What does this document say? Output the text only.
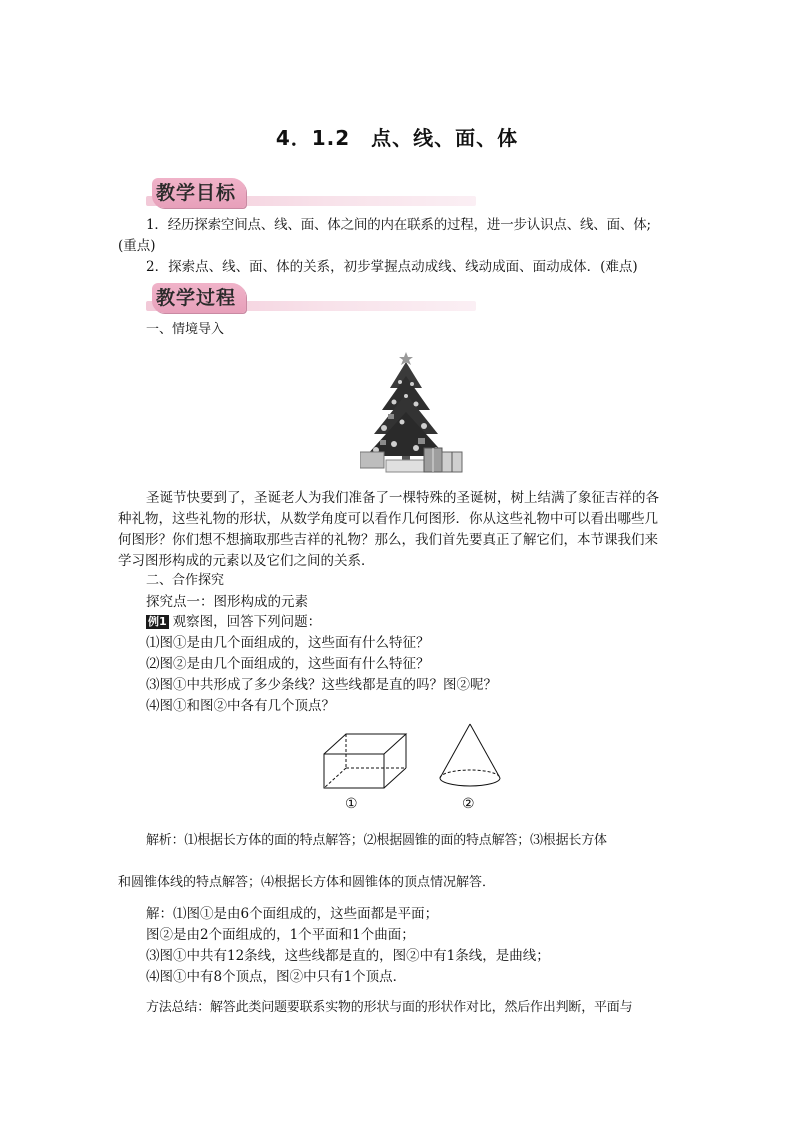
4．1.2　点、线、面、体
教学目标
1．经历探索空间点、线、面、体之间的内在联系的过程，进一步认识点、线、面、体;
(重点)
2．探索点、线、面、体的关系，初步掌握点动成线、线动成面、面动成体．(难点)
教学过程
一、情境导入
圣诞节快要到了，圣诞老人为我们准备了一棵特殊的圣诞树，树上结满了象征吉祥的各
种礼物，这些礼物的形状，从数学角度可以看作几何图形．你从这些礼物中可以看出哪些几
何图形？你们想不想摘取那些吉祥的礼物？那么，我们首先要真正了解它们，本节课我们来
学习图形构成的元素以及它们之间的关系．
二、合作探究
探究点一：图形构成的元素
例1 观察图，回答下列问题：
⑴图①是由几个面组成的，这些面有什么特征？
⑵图②是由几个面组成的，这些面有什么特征？
⑶图①中共形成了多少条线？这些线都是直的吗？图②呢？
⑷图①和图②中各有几个顶点？
①	②
解析：⑴根据长方体的面的特点解答；⑵根据圆锥的面的特点解答；⑶根据长方体
和圆锥体线的特点解答；⑷根据长方体和圆锥体的顶点情况解答．
解：⑴图①是由6个面组成的，这些面都是平面；
图②是由2个面组成的，1个平面和1个曲面；
⑶图①中共有12条线，这些线都是直的，图②中有1条线，是曲线；
⑷图①中有8个顶点，图②中只有1个顶点．
方法总结：解答此类问题要联系实物的形状与面的形状作对比，然后作出判断，平面与
